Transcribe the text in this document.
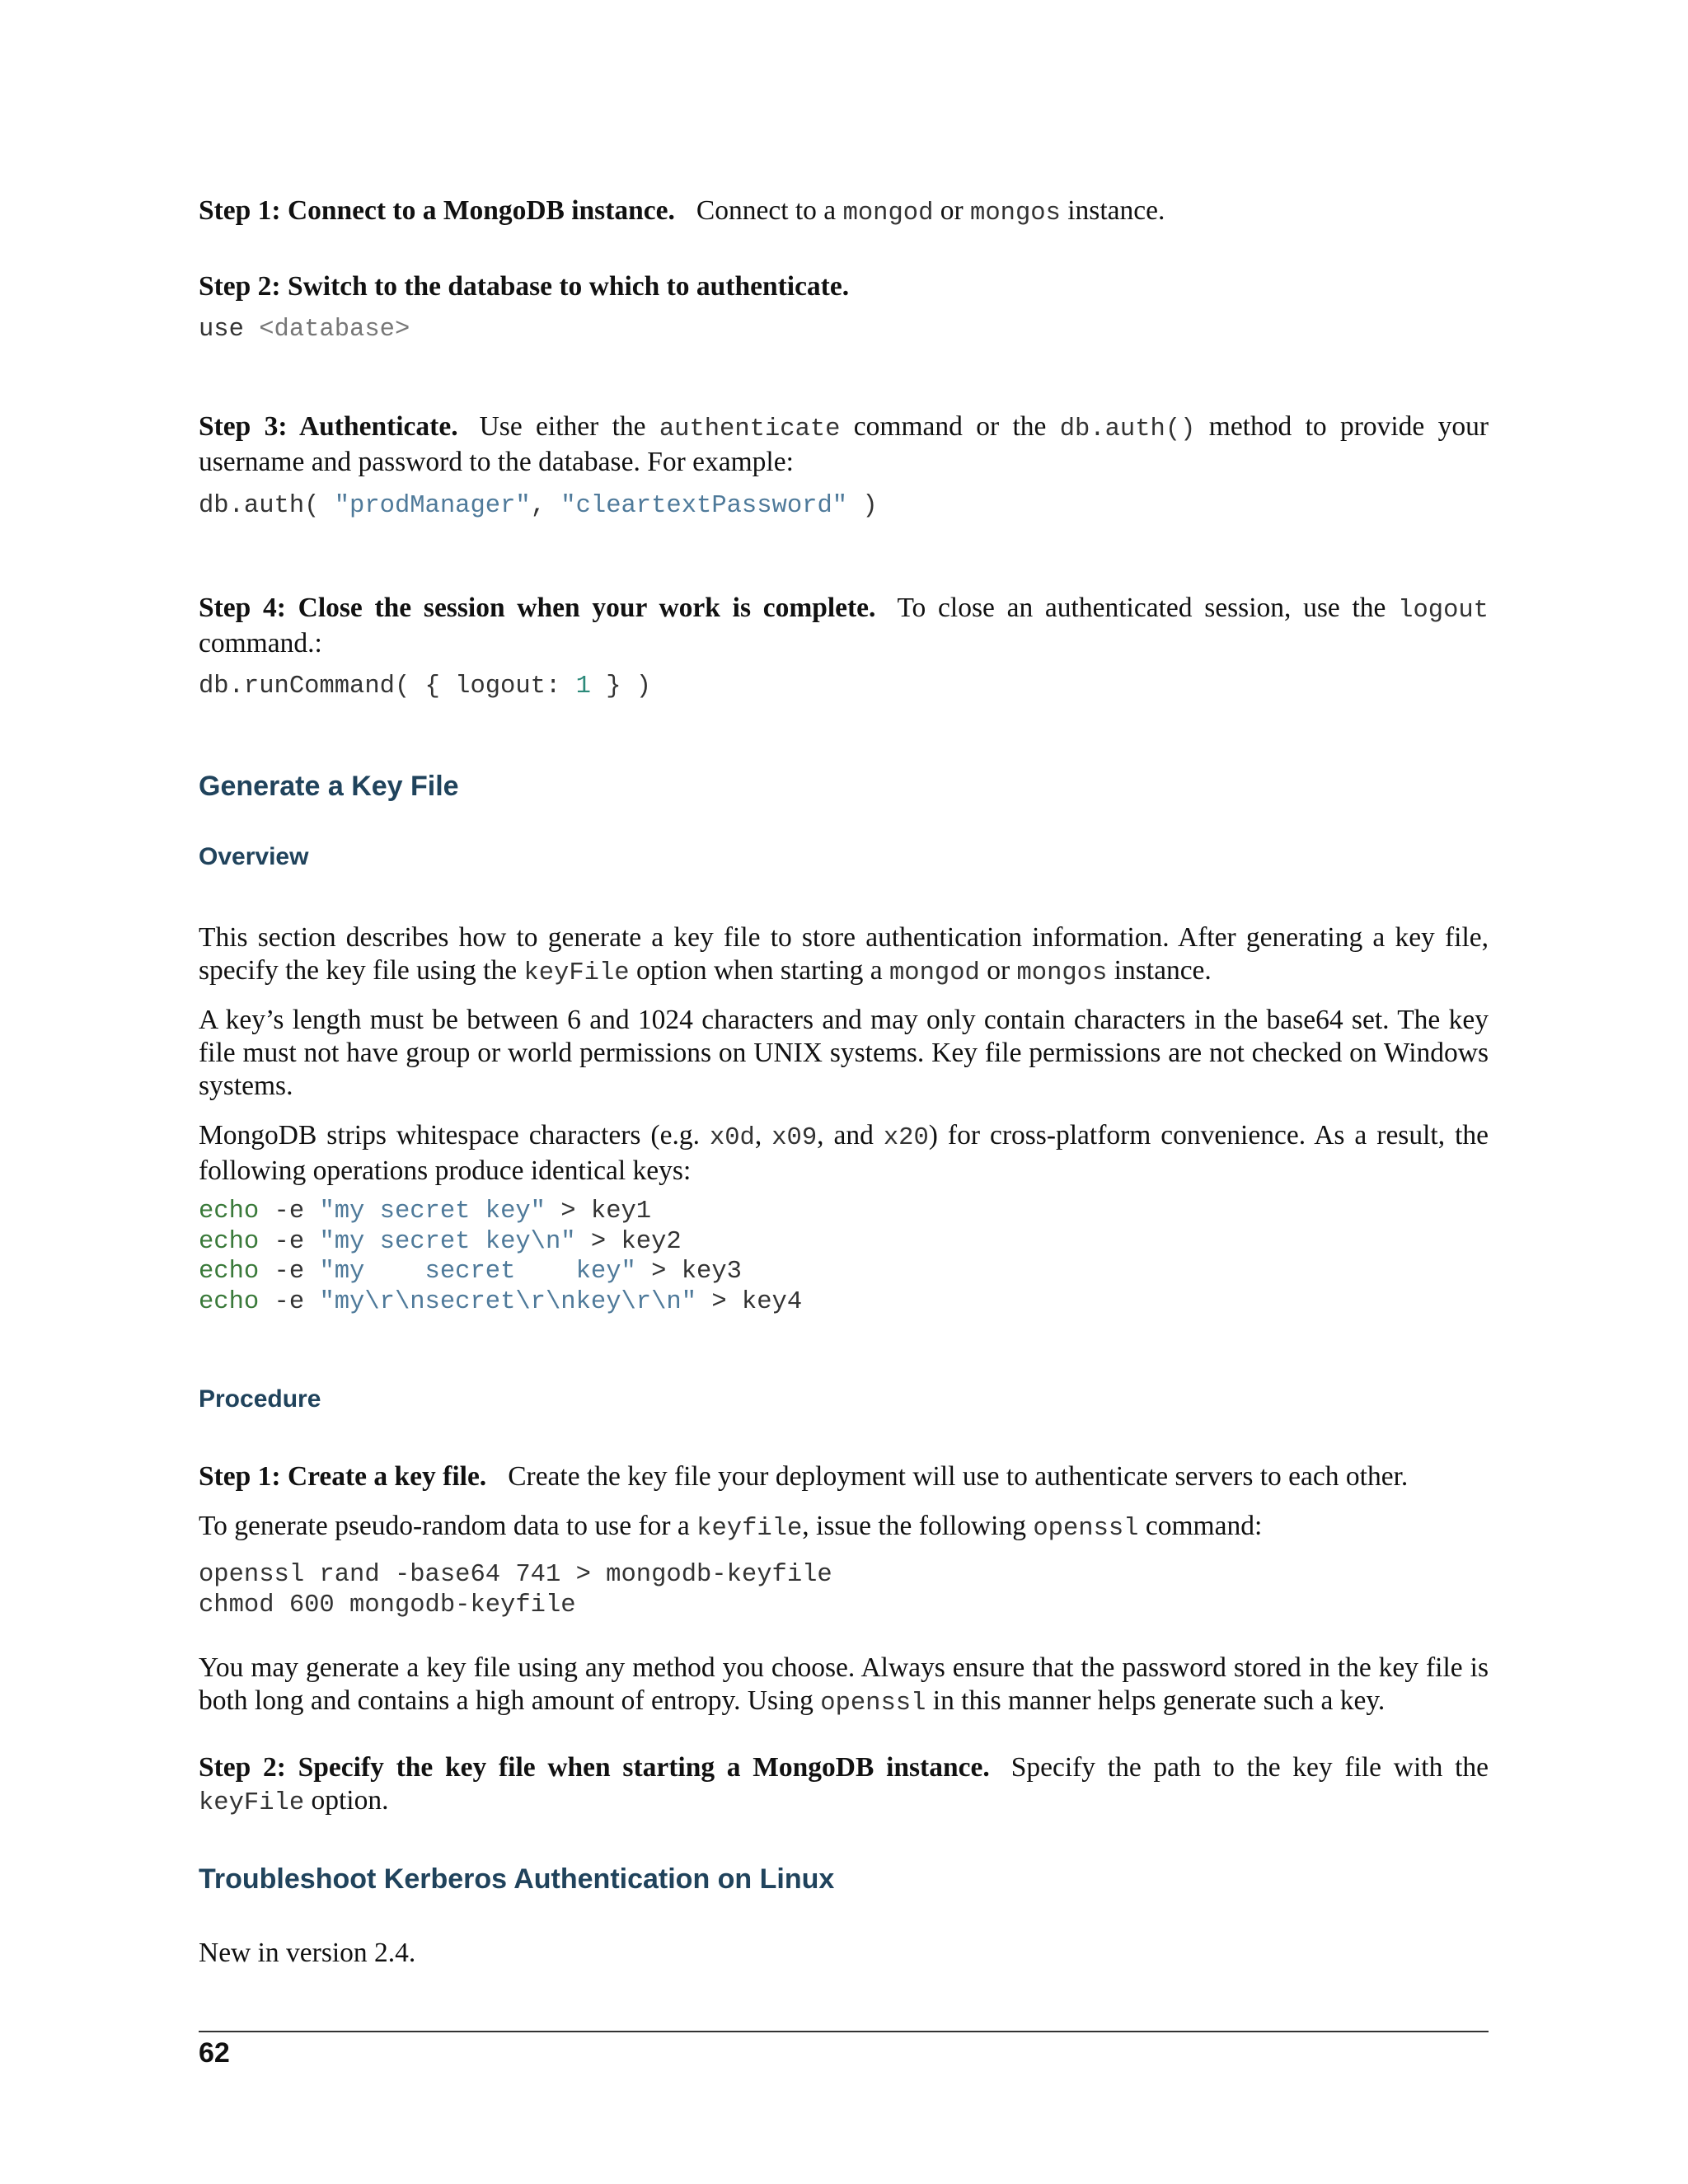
Step 1: Connect to a MongoDB instance. Connect to a mongod or mongos instance.

Step 2: Switch to the database to which to authenticate.

use <database>

Step 3: Authenticate. Use either the authenticate command or the db.auth() method to provide your username and password to the database. For example:

db.auth( "prodManager", "cleartextPassword" )

Step 4: Close the session when your work is complete. To close an authenticated session, use the logout command.:

db.runCommand( { logout: 1 } )
Generate a Key File
Overview

This section describes how to generate a key file to store authentication information. After generating a key file, specify the key file using the keyFile option when starting a mongod or mongos instance.

A key’s length must be between 6 and 1024 characters and may only contain characters in the base64 set. The key file must not have group or world permissions on UNIX systems. Key file permissions are not checked on Windows systems.

MongoDB strips whitespace characters (e.g. x0d, x09, and x20) for cross-platform convenience. As a result, the following operations produce identical keys:

echo -e "my secret key" > key1
echo -e "my secret key\n" > key2
echo -e "my    secret    key" > key3
echo -e "my\r\nsecret\r\nkey\r\n" > key4
Procedure

Step 1: Create a key file. Create the key file your deployment will use to authenticate servers to each other.

To generate pseudo-random data to use for a keyfile, issue the following openssl command:

openssl rand -base64 741 > mongodb-keyfile
chmod 600 mongodb-keyfile

You may generate a key file using any method you choose. Always ensure that the password stored in the key file is both long and contains a high amount of entropy. Using openssl in this manner helps generate such a key.

Step 2: Specify the key file when starting a MongoDB instance. Specify the path to the key file with the keyFile option.

Troubleshoot Kerberos Authentication on Linux

New in version 2.4.

62
